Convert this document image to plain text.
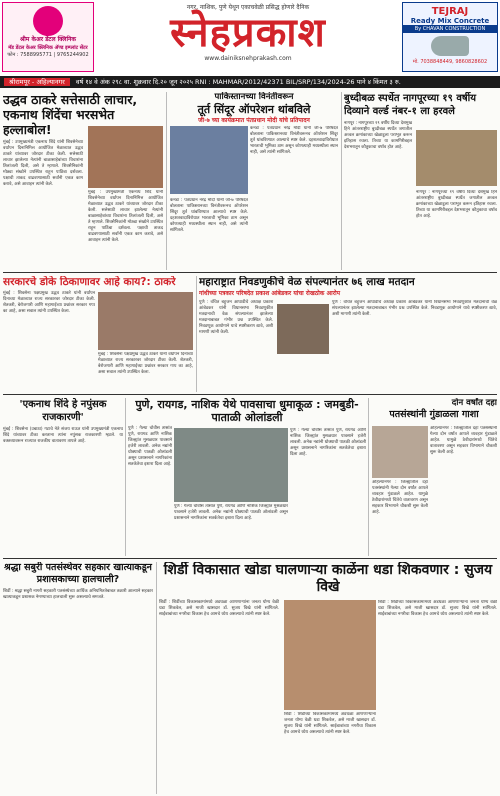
श्रीम केअर डेंटल क्लिनिक
मॅड डेंटल केअर क्लिनिक ॲण्ड इम्प्लांट सेंटर
फोन : 7588995771 | 9765244902
नगर, नाशिक, पुणे येथून एकाचवेळी प्रसिद्ध होणारे दैनिक
स्नेहप्रकाश
www.dainiksnehprakash.com
TEJRAJ
Ready Mix Concrete
By CHAVAN CONSTRUCTION
मो. 7038848449, 9860828602
श्रीरामपूर - अहिल्यानगर वर्ष १४ वे अंक २९८ वा. शुक्रवार दि.२० जून २०२५ RNI : MAHMAR/2012/42371 BIL/SRP/134/2024-26 पाने ४ किंमत ३ रु.
उद्धव ठाकरे सत्तेसाठी लाचार, एकनाथ शिंदेंचा भरसभेत हल्लाबोल!
मुंबई : उपमुख्यमंत्री एकनाथ शिंदे यांनी शिवसेनेच्या वर्धापन दिनानिमित्त आयोजित मेळाव्यात उद्धव ठाकरे यांच्यावर जोरदार टीका केली. सत्तेसाठी लाचार झालेल्या नेत्यांनी बाळासाहेबांच्या विचारांना तिलांजली दिली, असे ते म्हणाले. शिवसैनिकांनी मोठ्या संख्येने उपस्थित राहून पाठिंबा दर्शवला. पक्षाची ताकद वाढवण्यासाठी सर्वांनी एकत्र काम करावे, असे आवाहन त्यांनी केले.
मुंबई : उपमुख्यमंत्री एकनाथ शिंदे यांनी शिवसेनेच्या वर्धापन दिनानिमित्त आयोजित मेळाव्यात उद्धव ठाकरे यांच्यावर जोरदार टीका केली. सत्तेसाठी लाचार झालेल्या नेत्यांनी बाळासाहेबांच्या विचारांना तिलांजली दिली, असे ते म्हणाले. शिवसैनिकांनी मोठ्या संख्येने उपस्थित राहून पाठिंबा दर्शवला. पक्षाची ताकद वाढवण्यासाठी सर्वांनी एकत्र काम करावे, असे आवाहन त्यांनी केले.
पाकिस्तानच्या विनंतीवरून
तूर्त सिंदूर ऑपरेशन थांबविले
जी-७ च्या कार्यक्रमात पंतप्रधान मोदी यांचे प्रतिपादन
कॅनडा : पंतप्रधान नरेंद्र मोदी यांनी जी-७ परिषदेत बोलताना पाकिस्तानच्या विनंतीवरूनच ऑपरेशन सिंदूर तूर्त थांबविण्यात आल्याचे स्पष्ट केले. दहशतवादाविरोधात भारताची भूमिका ठाम असून कोणत्याही मध्यस्थीला स्थान नाही, असे त्यांनी सांगितले.
कॅनडा : पंतप्रधान नरेंद्र मोदी यांनी जी-७ परिषदेत बोलताना पाकिस्तानच्या विनंतीवरूनच ऑपरेशन सिंदूर तूर्त थांबविण्यात आल्याचे स्पष्ट केले. दहशतवादाविरोधात भारताची भूमिका ठाम असून कोणत्याही मध्यस्थीला स्थान नाही, असे त्यांनी सांगितले.
बुध्दीबळ स्पर्धेत नागपूरच्या १९ वर्षीय दिव्याने वर्ल्ड नंबर-१ ला हरवले
नागपूर : नागपूरच्या १९ वर्षीय दिव्या देशमुख हिने आंतरराष्ट्रीय बुध्दीबळ स्पर्धेत जगातील अव्वल क्रमांकाच्या खेळाडूला पराभूत करून इतिहास रचला. तिच्या या कामगिरीबद्दल देशभरातून कौतुकाचा वर्षाव होत आहे.
नागपूर : नागपूरच्या १९ वर्षीय दिव्या देशमुख हिने आंतरराष्ट्रीय बुध्दीबळ स्पर्धेत जगातील अव्वल क्रमांकाच्या खेळाडूला पराभूत करून इतिहास रचला. तिच्या या कामगिरीबद्दल देशभरातून कौतुकाचा वर्षाव होत आहे.
सरकारचे डोके ठिकाणावर आहे काय?: ठाकरे
मुंबई : शिवसेना पक्षप्रमुख उद्धव ठाकरे यांनी वर्धापन दिनाच्या मेळाव्यात राज्य सरकारवर जोरदार टीका केली. शेतकरी, बेरोजगारी आणि महागाईच्या प्रश्नांवर सरकार गप्प का आहे, असा सवाल त्यांनी उपस्थित केला.
मुंबई : शिवसेना पक्षप्रमुख उद्धव ठाकरे यांनी वर्धापन दिनाच्या मेळाव्यात राज्य सरकारवर जोरदार टीका केली. शेतकरी, बेरोजगारी आणि महागाईच्या प्रश्नांवर सरकार गप्प का आहे, असा सवाल त्यांनी उपस्थित केला.
महाराष्ट्रात निवडणुकीचे वेळ संपल्यानंतर ७६ लाख मतदान
गांधीच्या पत्रकार परिषदेत प्रकाश आंबेडकर यांचा रोखठोक आरोप
पुणे : वंचित बहुजन आघाडीचे अध्यक्ष प्रकाश आंबेडकर यांनी विधानसभा निवडणुकीत मतदानाची वेळ संपल्यानंतर झालेल्या मतदानाबाबत गंभीर प्रश्न उपस्थित केले. निवडणूक आयोगाने याचे स्पष्टीकरण द्यावे, अशी मागणी त्यांनी केली.
पुणे : वंचित बहुजन आघाडीचे अध्यक्ष प्रकाश आंबेडकर यांनी विधानसभा निवडणुकीत मतदानाची वेळ संपल्यानंतर झालेल्या मतदानाबाबत गंभीर प्रश्न उपस्थित केले. निवडणूक आयोगाने याचे स्पष्टीकरण द्यावे, अशी मागणी त्यांनी केली.
'एकनाथ शिंदे हे नपुंसक राजकारणी'
मुंबई : शिवसेना (उबाठा) गटाचे नेते संजय राऊत यांनी उपमुख्यमंत्री एकनाथ शिंदे यांच्यावर टीका करताना त्यांना नपुंसक राजकारणी म्हटले. या वक्तव्यावरून राज्यात राजकीय वातावरण तापले आहे.
पुणे, रायगड, नाशिक येथे पावसाचा धुमाकूळ : जमबुडी-पाताळी ओलांडली
पुणे : गेल्या चोवीस तासांत पुणे, रायगड आणि नाशिक जिल्ह्यांत मुसळधार पावसाने हजेरी लावली. अनेक नद्यांनी धोक्याची पातळी ओलांडली असून प्रशासनाने नागरिकांना सतर्कतेचा इशारा दिला आहे.
पुणे : गेल्या चोवीस तासांत पुणे, रायगड आणि नाशिक जिल्ह्यांत मुसळधार पावसाने हजेरी लावली. अनेक नद्यांनी धोक्याची पातळी ओलांडली असून प्रशासनाने नागरिकांना सतर्कतेचा इशारा दिला आहे.
पुणे : गेल्या चोवीस तासांत पुणे, रायगड आणि नाशिक जिल्ह्यांत मुसळधार पावसाने हजेरी लावली. अनेक नद्यांनी धोक्याची पातळी ओलांडली असून प्रशासनाने नागरिकांना सतर्कतेचा इशारा दिला आहे.
दोन वर्षांत दहा
पतसंस्थांनी गुंडाळला गाशा
अहिल्यानगर : जिल्ह्यातील दहा पतसंस्थांनी गेल्या दोन वर्षांत आपले व्यवहार गुंडाळले आहेत. यामुळे ठेवीदारांमध्ये चिंतेचे वातावरण असून सहकार विभागाने चौकशी सुरू केली आहे.
अहिल्यानगर : जिल्ह्यातील दहा पतसंस्थांनी गेल्या दोन वर्षांत आपले व्यवहार गुंडाळले आहेत. यामुळे ठेवीदारांमध्ये चिंतेचे वातावरण असून सहकार विभागाने चौकशी सुरू केली आहे.
श्रद्धा सबुरी पतसंस्थेवर सहकार खात्याकडून प्रशासकाच्या हालचाली?
शिर्डी : श्रद्धा सबुरी नागरी सहकारी पतसंस्थेच्या आर्थिक अनियमिततेबाबत तक्रारी आल्याने सहकार खात्याकडून प्रशासक नेमण्याच्या हालचाली सुरू असल्याचे समजते.
शिर्डी विकासात खोडा घालणाऱ्या काळेंना धडा शिकवणार : सुजय विखे
शिर्डी : शिर्डीच्या विकासकामांमध्ये अडथळा आणणाऱ्यांना जनता योग्य वेळी धडा शिकवेल, असे माजी खासदार डॉ. सुजय विखे यांनी सांगितले. साईबाबांच्या नगरीचा विकास हेच आमचे ध्येय असल्याचे त्यांनी स्पष्ट केले.
शिर्डी : शिर्डीच्या विकासकामांमध्ये अडथळा आणणाऱ्यांना जनता योग्य वेळी धडा शिकवेल, असे माजी खासदार डॉ. सुजय विखे यांनी सांगितले. साईबाबांच्या नगरीचा विकास हेच आमचे ध्येय असल्याचे त्यांनी स्पष्ट केले.
शिर्डी : शिर्डीच्या विकासकामांमध्ये अडथळा आणणाऱ्यांना जनता योग्य वेळी धडा शिकवेल, असे माजी खासदार डॉ. सुजय विखे यांनी सांगितले. साईबाबांच्या नगरीचा विकास हेच आमचे ध्येय असल्याचे त्यांनी स्पष्ट केले.
